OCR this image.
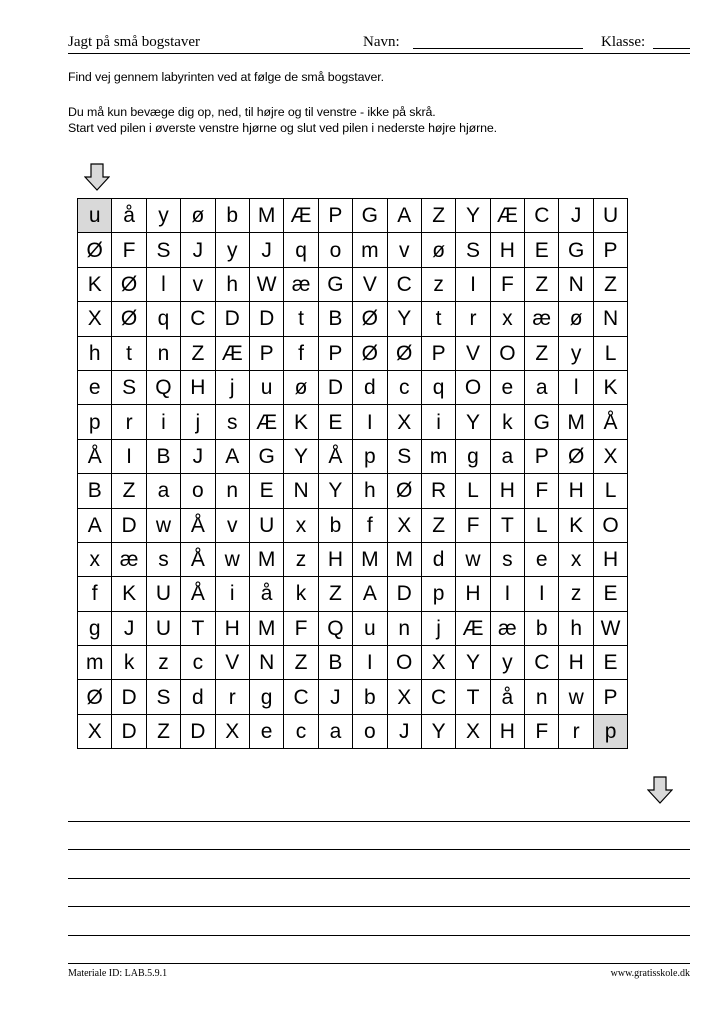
Jagt på små bogstaver	Navn:	Klasse:
Find vej gennem labyrinten ved at følge de små bogstaver.
Du må kun bevæge dig op, ned, til højre og til venstre - ikke på skrå.
Start ved pilen i øverste venstre hjørne og slut ved pilen i nederste højre hjørne.
u	å	y	ø	b	M	Æ	P	G	A	Z	Y	Æ	C	J	U
Ø	F	S	J	y	J	q	o	m	v	ø	S	H	E	G	P
K	Ø	l	v	h	W	æ	G	V	C	z	I	F	Z	N	Z
X	Ø	q	C	D	D	t	B	Ø	Y	t	r	x	æ	ø	N
h	t	n	Z	Æ	P	f	P	Ø	Ø	P	V	O	Z	y	L
e	S	Q	H	j	u	ø	D	d	c	q	O	e	a	l	K
p	r	i	j	s	Æ	K	E	I	X	i	Y	k	G	M	Å
Å	I	B	J	A	G	Y	Å	p	S	m	g	a	P	Ø	X
B	Z	a	o	n	E	N	Y	h	Ø	R	L	H	F	H	L
A	D	w	Å	v	U	x	b	f	X	Z	F	T	L	K	O
x	æ	s	Å	w	M	z	H	M	M	d	w	s	e	x	H
f	K	U	Å	i	å	k	Z	A	D	p	H	I	I	z	E
g	J	U	T	H	M	F	Q	u	n	j	Æ	æ	b	h	W
m	k	z	c	V	N	Z	B	I	O	X	Y	y	C	H	E
Ø	D	S	d	r	g	C	J	b	X	C	T	å	n	w	P
X	D	Z	D	X	e	c	a	o	J	Y	X	H	F	r	p
Materiale ID: LAB.5.9.1	www.gratisskole.dk
